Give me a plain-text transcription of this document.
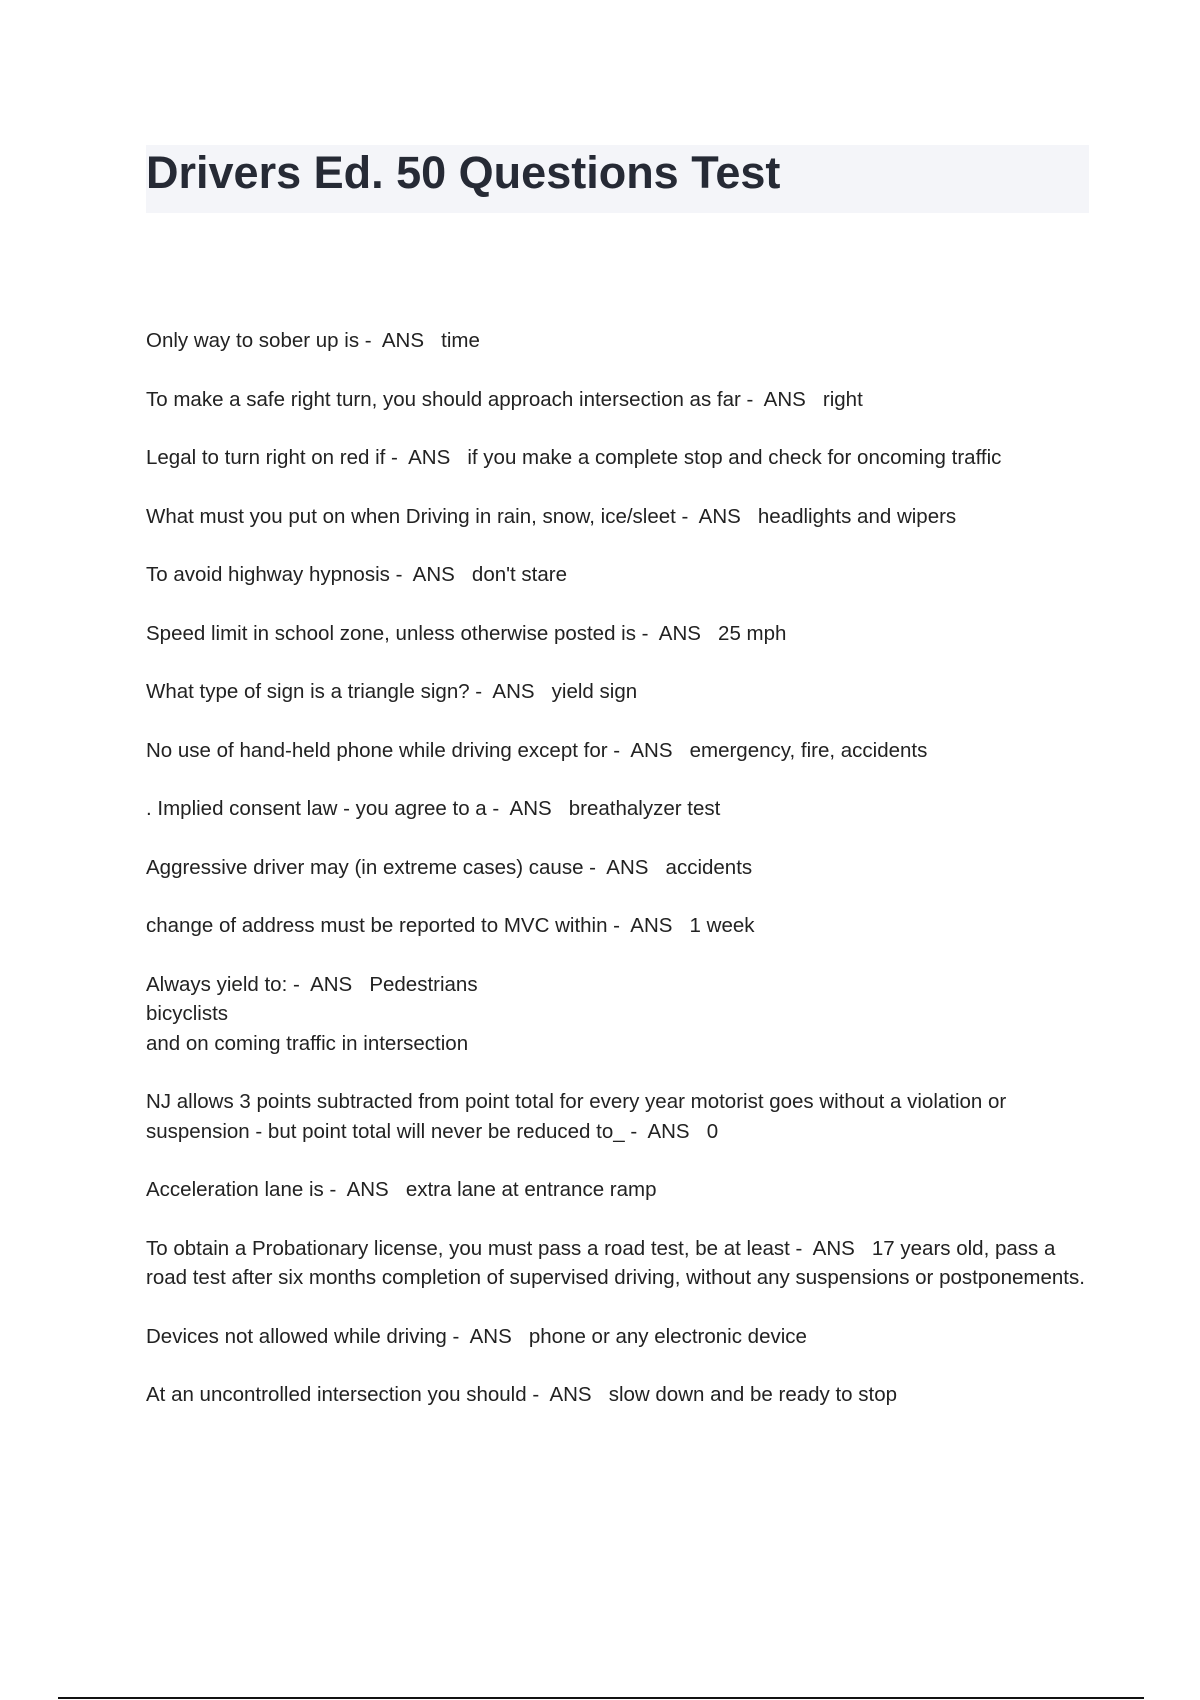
Drivers Ed. 50 Questions Test

Only way to sober up is -  ANS time

To make a safe right turn, you should approach intersection as far -  ANS right

Legal to turn right on red if -  ANS if you make a complete stop and check for oncoming traffic

What must you put on when Driving in rain, snow, ice/sleet -  ANS headlights and wipers

To avoid highway hypnosis -  ANS don't stare

Speed limit in school zone, unless otherwise posted is -  ANS 25 mph

What type of sign is a triangle sign? -  ANS yield sign

No use of hand-held phone while driving except for -  ANS emergency, fire, accidents

. Implied consent law - you agree to a -  ANS breathalyzer test

Aggressive driver may (in extreme cases) cause -  ANS accidents

change of address must be reported to MVC within -  ANS 1 week

Always yield to: -  ANS Pedestrians
bicyclists
and on coming traffic in intersection

NJ allows 3 points subtracted from point total for every year motorist goes without a violation or suspension - but point total will never be reduced to_ -  ANS 0

Acceleration lane is -  ANS extra lane at entrance ramp

To obtain a Probationary license, you must pass a road test, be at least -  ANS 17 years old, pass a road test after six months completion of supervised driving, without any suspensions or postponements.

Devices not allowed while driving -  ANS phone or any electronic device

At an uncontrolled intersection you should -  ANS slow down and be ready to stop
